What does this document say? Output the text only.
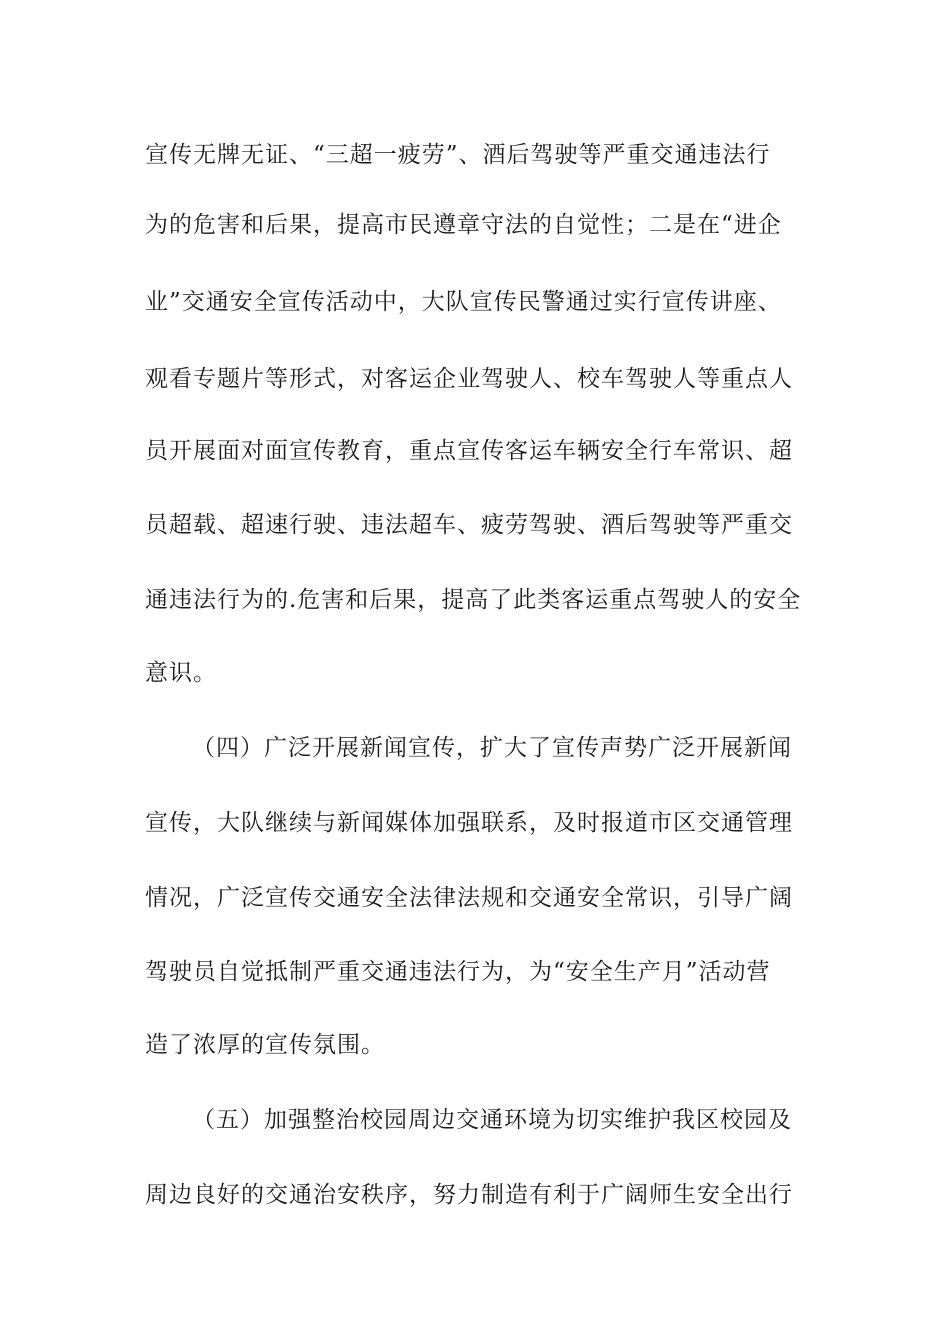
宣传无牌无证、“三超一疲劳”、酒后驾驶等严重交通违法行
为的危害和后果，提高市民遵章守法的自觉性；二是在“进企
业”交通安全宣传活动中，大队宣传民警通过实行宣传讲座、
观看专题片等形式，对客运企业驾驶人、校车驾驶人等重点人
员开展面对面宣传教育，重点宣传客运车辆安全行车常识、超
员超载、超速行驶、违法超车、疲劳驾驶、酒后驾驶等严重交
通违法行为的.危害和后果，提高了此类客运重点驾驶人的安全
意识。
（四）广泛开展新闻宣传，扩大了宣传声势广泛开展新闻
宣传，大队继续与新闻媒体加强联系，及时报道市区交通管理
情况，广泛宣传交通安全法律法规和交通安全常识，引导广阔
驾驶员自觉抵制严重交通违法行为，为“安全生产月”活动营
造了浓厚的宣传氛围。
（五）加强整治校园周边交通环境为切实维护我区校园及
周边良好的交通治安秩序，努力制造有利于广阔师生安全出行
